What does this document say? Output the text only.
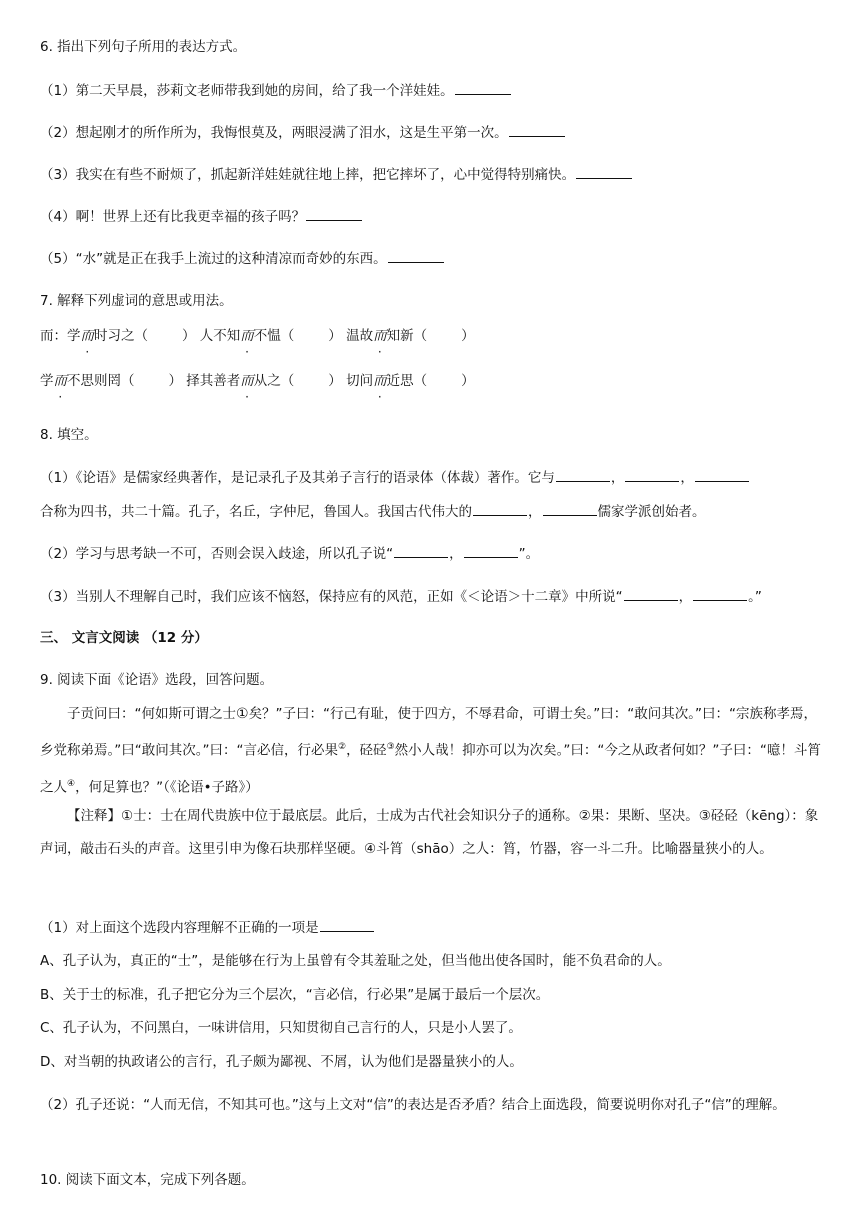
6. 指出下列句子所用的表达方式。
（1）第二天早晨，莎莉文老师带我到她的房间，给了我一个洋娃娃。
（2）想起刚才的所作所为，我悔恨莫及，两眼浸满了泪水，这是生平第一次。
（3）我实在有些不耐烦了，抓起新洋娃娃就往地上摔，把它摔坏了，心中觉得特别痛快。
（4）啊！世界上还有比我更幸福的孩子吗？
（5）“水”就是正在我手上流过的这种清凉而奇妙的东西。
7. 解释下列虚词的意思或用法。
而：学而时习之（	） 人不知而不愠（	） 温故而知新（	）
学而不思则罔（	） 择其善者而从之（	） 切问而近思（	）
8. 填空。
（1）《论语》是儒家经典著作，是记录孔子及其弟子言行的语录体（体裁）著作。它与	，	，
合称为四书，共二十篇。孔子，名丘，字仲尼，鲁国人。我国古代伟大的	，	儒家学派创始者。
（2）学习与思考缺一不可，否则会误入歧途，所以孔子说“	，	”。
（3）当别人不理解自己时，我们应该不恼怒，保持应有的风范，正如《＜论语＞十二章》中所说“	，	。”
三、 文言文阅读 （12 分）
9. 阅读下面《论语》选段，回答问题。
子贡问曰：“何如斯可谓之士①矣？”子曰：“行己有耻，使于四方，不辱君命，可谓士矣。”曰：“敢问其次。”曰：“宗族称孝焉，乡党称弟焉。”曰“敢问其次。”曰：“言必信，行必果②，硁硁③然小人哉！抑亦可以为次矣。”曰：“今之从政者何如？”子曰：“噫！斗筲之人④，何足算也？”（《论语•子路》）
【注释】①士：士在周代贵族中位于最底层。此后，士成为古代社会知识分子的通称。②果：果断、坚决。③硁硁（kēng）：象声词，敲击石头的声音。这里引申为像石块那样坚硬。④斗筲（shāo）之人：筲，竹器，容一斗二升。比喻器量狭小的人。
（1）对上面这个选段内容理解不正确的一项是
A、孔子认为，真正的“士”，是能够在行为上虽曾有令其羞耻之处，但当他出使各国时，能不负君命的人。
B、关于士的标准，孔子把它分为三个层次，“言必信，行必果”是属于最后一个层次。
C、孔子认为，不问黑白，一味讲信用，只知贯彻自己言行的人，只是小人罢了。
D、对当朝的执政诸公的言行，孔子颇为鄙视、不屑，认为他们是器量狭小的人。
（2）孔子还说：“人而无信，不知其可也。”这与上文对“信”的表达是否矛盾？结合上面选段，简要说明你对孔子“信”的理解。
10. 阅读下面文本，完成下列各题。
